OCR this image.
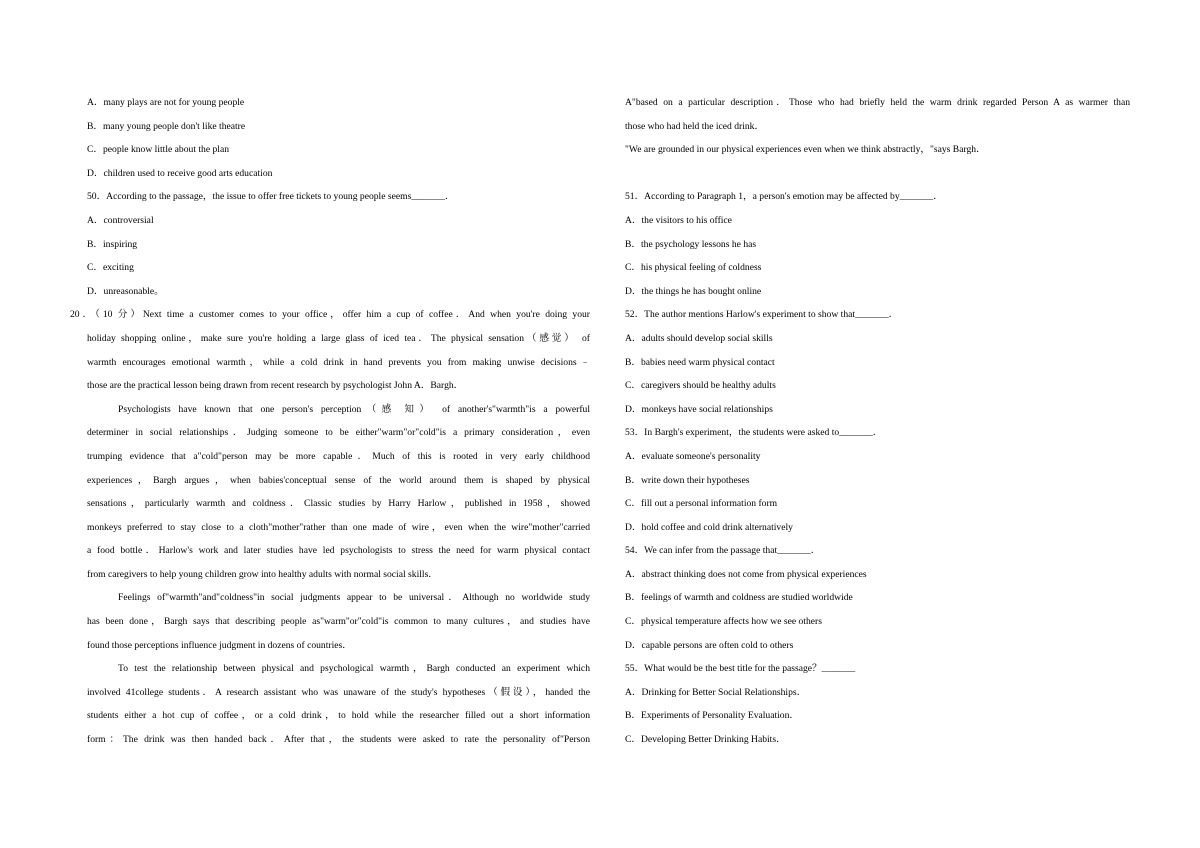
A．many plays are not for young people
B．many young people don't like theatre
C．people know little about the plan
D．children used to receive good arts education
50．According to the passage，the issue to offer free tickets to young people seems_______．
A．controversial
B．inspiring
C．exciting
D．unreasonable。
20．（10 分）Next time a customer comes to your office，offer him a cup of coffee．And when you're doing your
holiday shopping online，make sure you're holding a large glass of iced tea．The physical sensation（感觉） of
warmth encourages emotional warmth，while a cold drink in hand prevents you from making unwise decisions﹣
those are the practical lesson being drawn from recent research by psychologist John A．Bargh．
Psychologists have known that one person's perception（感 知） of another's"warmth"is a powerful
determiner in social relationships．Judging someone to be either"warm"or"cold"is a primary consideration，even
trumping evidence that a"cold"person may be more capable．Much of this is rooted in very early childhood
experiences，Bargh argues，when babies'conceptual sense of the world around them is shaped by physical
sensations，particularly warmth and coldness．Classic studies by Harry Harlow，published in 1958，showed
monkeys preferred to stay close to a cloth"mother"rather than one made of wire，even when the wire"mother"carried
a food bottle．Harlow's work and later studies have led psychologists to stress the need for warm physical contact
from caregivers to help young children grow into healthy adults with normal social skills．
Feelings of"warmth"and"coldness"in social judgments appear to be universal．Although no worldwide study
has been done，Bargh says that describing people as"warm"or"cold"is common to many cultures，and studies have
found those perceptions influence judgment in dozens of countries．
To test the relationship between physical and psychological warmth，Bargh conducted an experiment which
involved 41college students．A research assistant who was unaware of the study's hypotheses（假设），handed the
students either a hot cup of coffee，or a cold drink，to hold while the researcher filled out a short information
form：The drink was then handed back．After that，the students were asked to rate the personality of"Person
A"based on a particular description．Those who had briefly held the warm drink regarded Person A as warmer than
those who had held the iced drink．
"We are grounded in our physical experiences even when we think abstractly，"says Bargh．
51．According to Paragraph 1，a person's emotion may be affected by_______．
A．the visitors to his office
B．the psychology lessons he has
C．his physical feeling of coldness
D．the things he has bought online
52．The author mentions Harlow's experiment to show that_______．
A．adults should develop social skills
B．babies need warm physical contact
C．caregivers should be healthy adults
D．monkeys have social relationships
53．In Bargh's experiment，the students were asked to_______．
A．evaluate someone's personality
B．write down their hypotheses
C．fill out a personal information form
D．hold coffee and cold drink alternatively
54．We can infer from the passage that_______．
A．abstract thinking does not come from physical experiences
B．feelings of warmth and coldness are studied worldwide
C．physical temperature affects how we see others
D．capable persons are often cold to others
55．What would be the best title for the passage？_______
A．Drinking for Better Social Relationships．
B．Experiments of Personality Evaluation．
C．Developing Better Drinking Habits．
